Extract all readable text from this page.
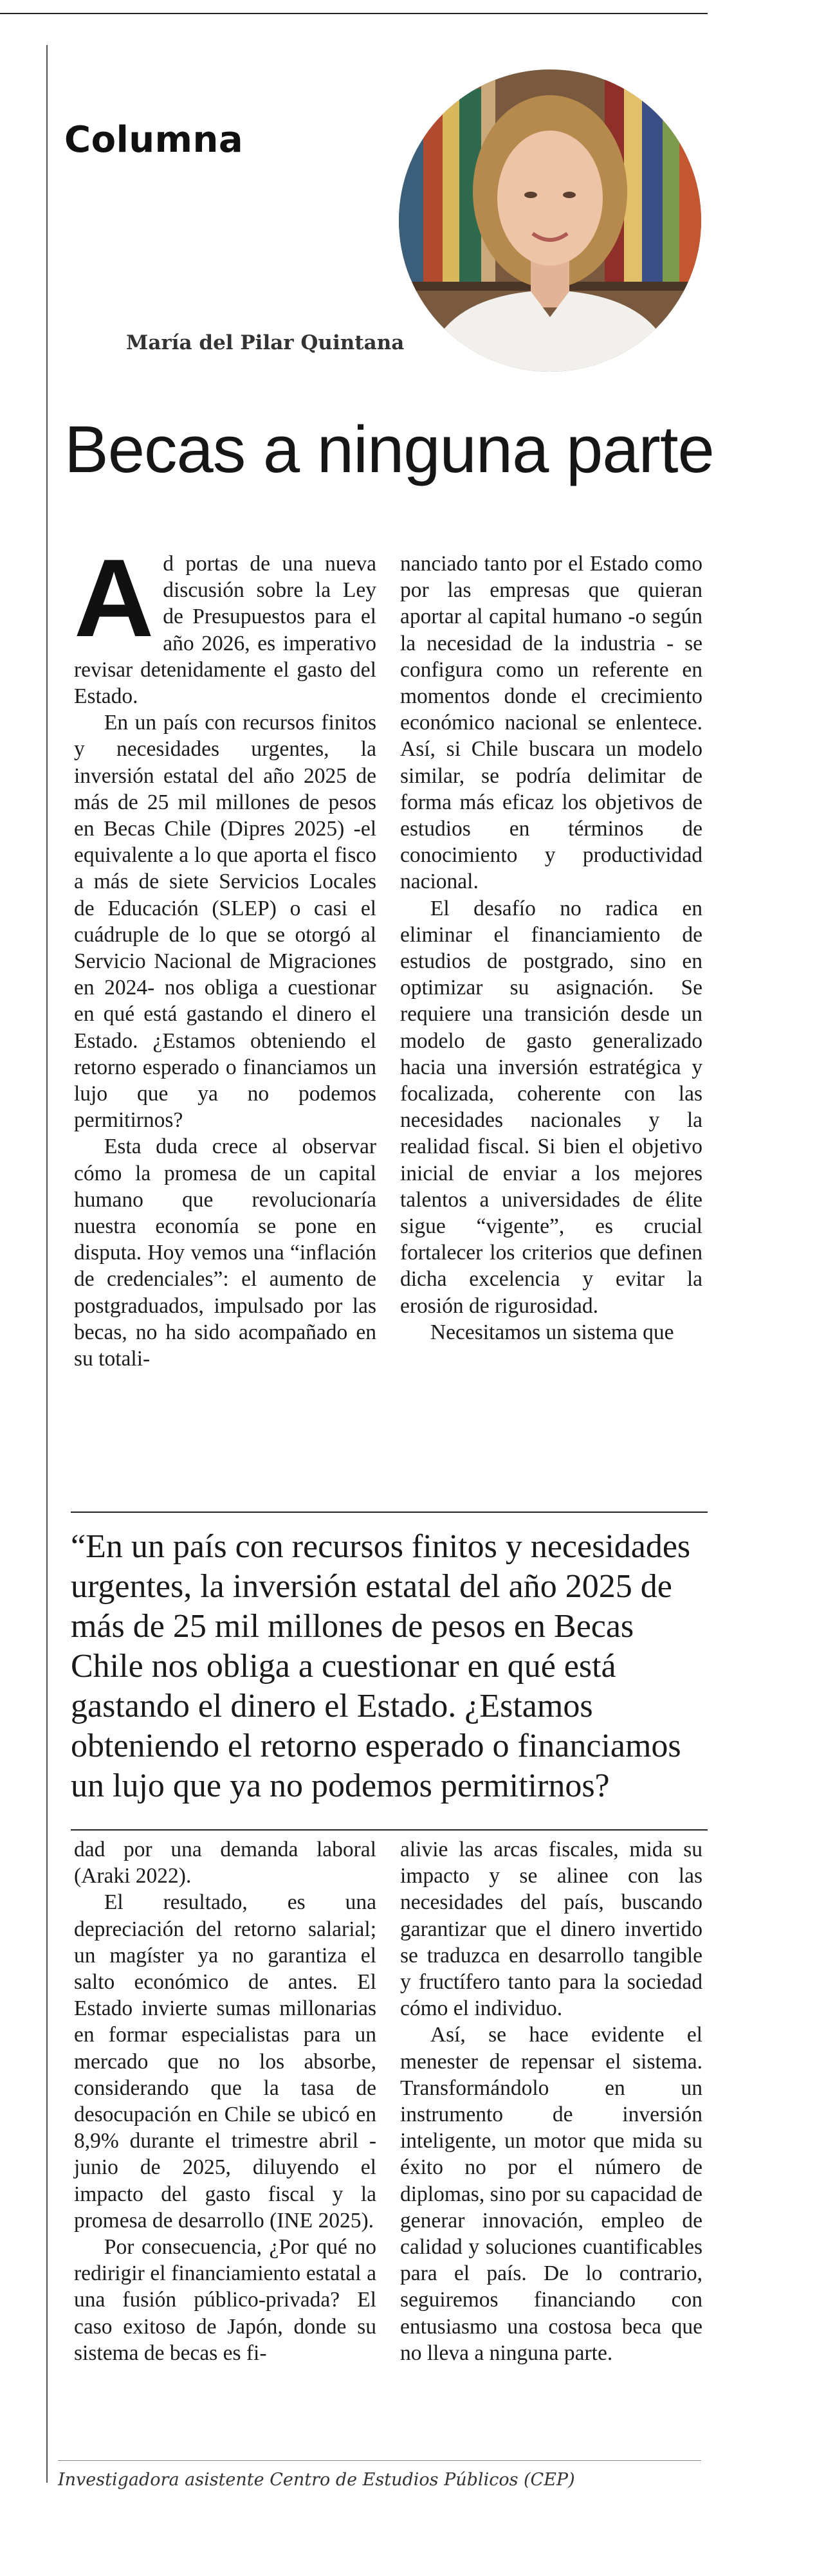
Columna
María del Pilar Quintana
Becas a ninguna parte

Ad portas de una nueva discusión sobre la Ley de Presupuestos para el año 2026, es imperativo revisar detenidamente el gasto del Estado.

En un país con recursos finitos y necesidades urgentes, la inversión estatal del año 2025 de más de 25 mil millones de pesos en Becas Chile (Dipres 2025) -el equivalente a lo que aporta el fisco a más de siete Servicios Locales de Educación (SLEP) o casi el cuádruple de lo que se otorgó al Servicio Nacional de Migraciones en 2024- nos obliga a cuestionar en qué está gastando el dinero el Estado. ¿Estamos obteniendo el retorno esperado o financiamos un lujo que ya no podemos permitirnos?

Esta duda crece al observar cómo la promesa de un capital humano que revolucionaría nuestra economía se pone en disputa. Hoy vemos una “inflación de credenciales”: el aumento de postgraduados, impulsado por las becas, no ha sido acompañado en su totali-

nanciado tanto por el Estado como por las empresas que quieran aportar al capital humano -o según la necesidad de la industria - se configura como un referente en momentos donde el crecimiento económico nacional se enlentece. Así, si Chile buscara un modelo similar, se podría delimitar de forma más eficaz los objetivos de estudios en términos de conocimiento y productividad nacional.

El desafío no radica en eliminar el financiamiento de estudios de postgrado, sino en optimizar su asignación. Se requiere una transición desde un modelo de gasto generalizado hacia una inversión estratégica y focalizada, coherente con las necesidades nacionales y la realidad fiscal. Si bien el objetivo inicial de enviar a los mejores talentos a universidades de élite sigue “vigente”, es crucial fortalecer los criterios que definen dicha excelencia y evitar la erosión de rigurosidad.

Necesitamos un sistema que

“En un país con recursos finitos y necesidades urgentes, la inversión estatal del año 2025 de más de 25 mil millones de pesos en Becas Chile nos obliga a cuestionar en qué está gastando el dinero el Estado. ¿Estamos obteniendo el retorno esperado o financiamos un lujo que ya no podemos permitirnos?

dad por una demanda laboral (Araki 2022).

El resultado, es una depreciación del retorno salarial; un magíster ya no garantiza el salto económico de antes. El Estado invierte sumas millonarias en formar especialistas para un mercado que no los absorbe, considerando que la tasa de desocupación en Chile se ubicó en 8,9% durante el trimestre abril - junio de 2025, diluyendo el impacto del gasto fiscal y la promesa de desarrollo (INE 2025).

Por consecuencia, ¿Por qué no redirigir el financiamiento estatal a una fusión público-privada? El caso exitoso de Japón, donde su sistema de becas es fi-

alivie las arcas fiscales, mida su impacto y se alinee con las necesidades del país, buscando garantizar que el dinero invertido se traduzca en desarrollo tangible y fructífero tanto para la sociedad cómo el individuo.

Así, se hace evidente el menester de repensar el sistema. Transformándolo en un instrumento de inversión inteligente, un motor que mida su éxito no por el número de diplomas, sino por su capacidad de generar innovación, empleo de calidad y soluciones cuantificables para el país. De lo contrario, seguiremos financiando con entusiasmo una costosa beca que no lleva a ninguna parte.

Investigadora asistente Centro de Estudios Públicos (CEP)
